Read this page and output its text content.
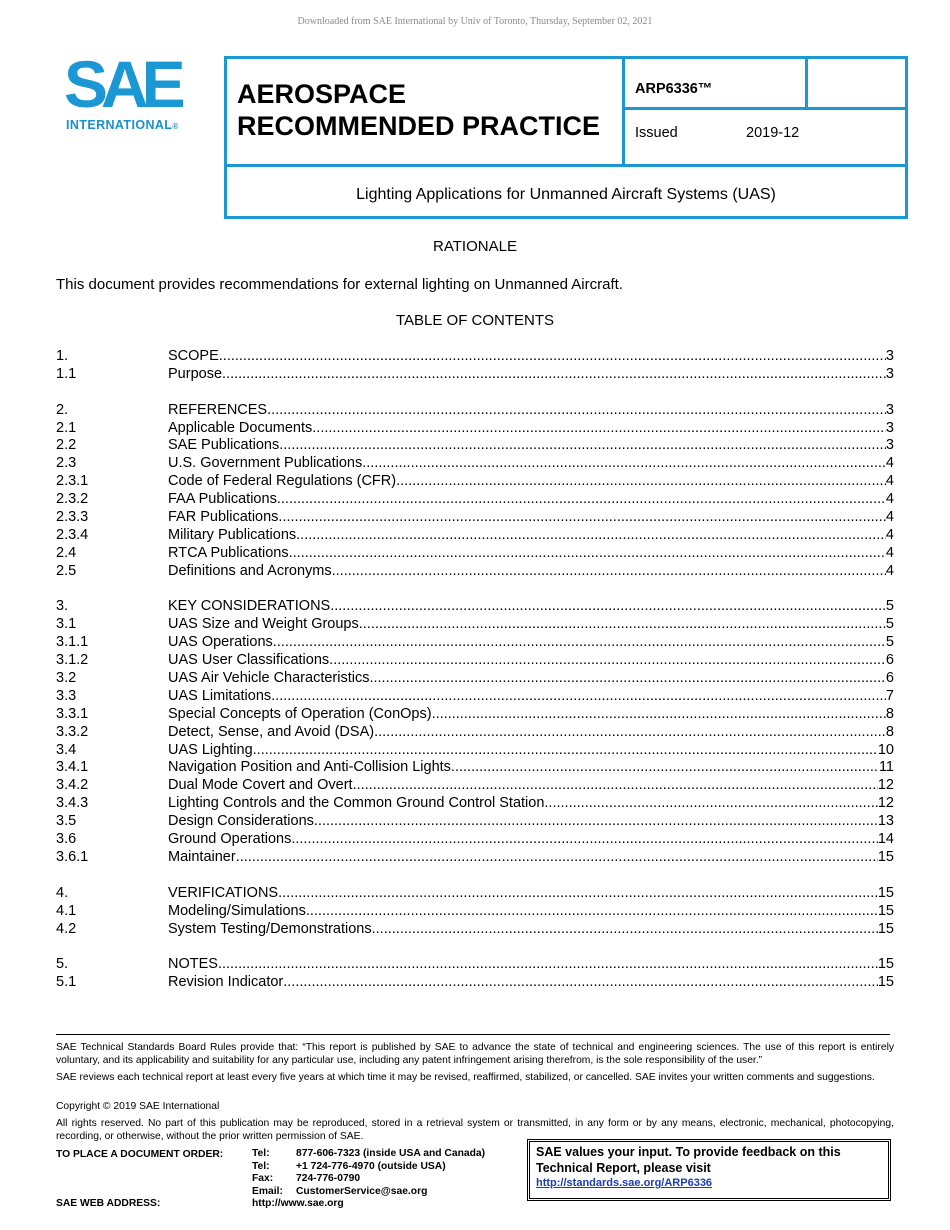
Downloaded from SAE International by Univ of Toronto, Thursday, September 02, 2021
SAE
INTERNATIONAL®
AEROSPACE
RECOMMENDED PRACTICE
ARP6336™
Issued	2019-12
Lighting Applications for Unmanned Aircraft Systems (UAS)
RATIONALE
This document provides recommendations for external lighting on Unmanned Aircraft.
TABLE OF CONTENTS
1.	SCOPE .....	3
1.1	Purpose .....	3
2.	REFERENCES .....	3
2.1	Applicable Documents .....	3
2.2	SAE Publications .....	3
2.3	U.S. Government Publications .....	4
2.3.1	Code of Federal Regulations (CFR) .....	4
2.3.2	FAA Publications .....	4
2.3.3	FAR Publications .....	4
2.3.4	Military Publications .....	4
2.4	RTCA Publications .....	4
2.5	Definitions and Acronyms .....	4
3.	KEY CONSIDERATIONS .....	5
3.1	UAS Size and Weight Groups .....	5
3.1.1	UAS Operations .....	5
3.1.2	UAS User Classifications .....	6
3.2	UAS Air Vehicle Characteristics .....	6
3.3	UAS Limitations .....	7
3.3.1	Special Concepts of Operation (ConOps) .....	8
3.3.2	Detect, Sense, and Avoid (DSA) .....	8
3.4	UAS Lighting .....	10
3.4.1	Navigation Position and Anti-Collision Lights .....	11
3.4.2	Dual Mode Covert and Overt .....	12
3.4.3	Lighting Controls and the Common Ground Control Station .....	12
3.5	Design Considerations .....	13
3.6	Ground Operations .....	14
3.6.1	Maintainer .....	15
4.	VERIFICATIONS .....	15
4.1	Modeling/Simulations .....	15
4.2	System Testing/Demonstrations .....	15
5.	NOTES .....	15
5.1	Revision Indicator .....	15
SAE Technical Standards Board Rules provide that: “This report is published by SAE to advance the state of technical and engineering sciences. The use of this report is entirely voluntary, and its applicability and suitability for any particular use, including any patent infringement arising therefrom, is the sole responsibility of the user.”
SAE reviews each technical report at least every five years at which time it may be revised, reaffirmed, stabilized, or cancelled. SAE invites your written comments and suggestions.
Copyright © 2019 SAE International
All rights reserved. No part of this publication may be reproduced, stored in a retrieval system or transmitted, in any form or by any means, electronic, mechanical, photocopying, recording, or otherwise, without the prior written permission of SAE.
TO PLACE A DOCUMENT ORDER:
SAE WEB ADDRESS:
Tel:	877-606-7323 (inside USA and Canada)
Tel:	+1 724-776-4970 (outside USA)
Fax: 724-776-0790
Email: CustomerService@sae.org
http://www.sae.org
SAE values your input. To provide feedback on this Technical Report, please visit
http://standards.sae.org/ARP6336
